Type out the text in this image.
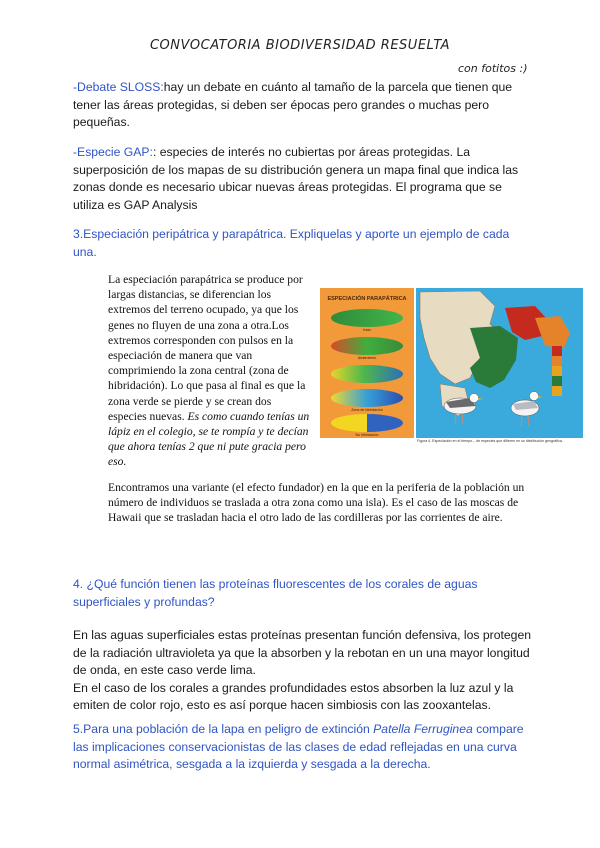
CONVOCATORIA BIODIVERSIDAD RESUELTA
con fotitos :)
-Debate SLOSS:hay un debate en cuánto al tamaño de la parcela que tienen que tener las áreas protegidas, si deben ser épocas pero grandes o muchas pero pequeñas.
-Especie GAP:: especies de interés no cubiertas por áreas protegidas. La superposición de los mapas de su distribución genera un mapa final que indica las zonas donde es necesario ubicar nuevas áreas protegidas. El programa que se utiliza es GAP Analysis
3.Especiación peripátrica y parapátrica. Expliquelas y aporte un ejemplo de cada una.
La especiación parapátrica se produce por largas distancias, se diferencian los extremos del terreno ocupado, ya que los genes no fluyen de una zona a otra.Los extremos corresponden con pulsos en la especiación de manera que van comprimiendo la zona central (zona de hibridación). Lo que pasa al final es que la zona verde se pierde y se crean dos especies nuevas. Es como cuando tenías un lápiz en el colegio, se te rompía y te decían que ahora tenías 2 que ni pute gracia pero eso.
Encontramos una variante (el efecto fundador) en la que en la periferia de la población un número de individuos se traslada a otra zona como una isla). Es el caso de las moscas de Hawaii que se trasladan hacia el otro lado de las cordilleras por las corrientes de aire.
ESPECIACIÓN PARAPÁTRICA
Inicio
Aislamiento
Zona de hibridación
No hibridación
Figura 4. Especiación en el tiempo... de especies que difieren en su distribución geográfica.
4. ¿Qué función tienen las proteínas fluorescentes de los corales de aguas superficiales y profundas?
En las aguas superficiales estas proteínas presentan función defensiva, los protegen de la radiación ultravioleta ya que la absorben y la rebotan en un una mayor longitud de onda, en este caso verde lima.
En el caso de los corales a grandes profundidades estos absorben la luz azul y la emiten de color rojo, esto es así porque hacen simbiosis con las zooxantelas.
5.Para una población de la lapa en peligro de extinción Patella Ferruginea compare las implicaciones conservacionistas de las clases de edad reflejadas en una curva normal asimétrica, sesgada a la izquierda y sesgada a la derecha.
